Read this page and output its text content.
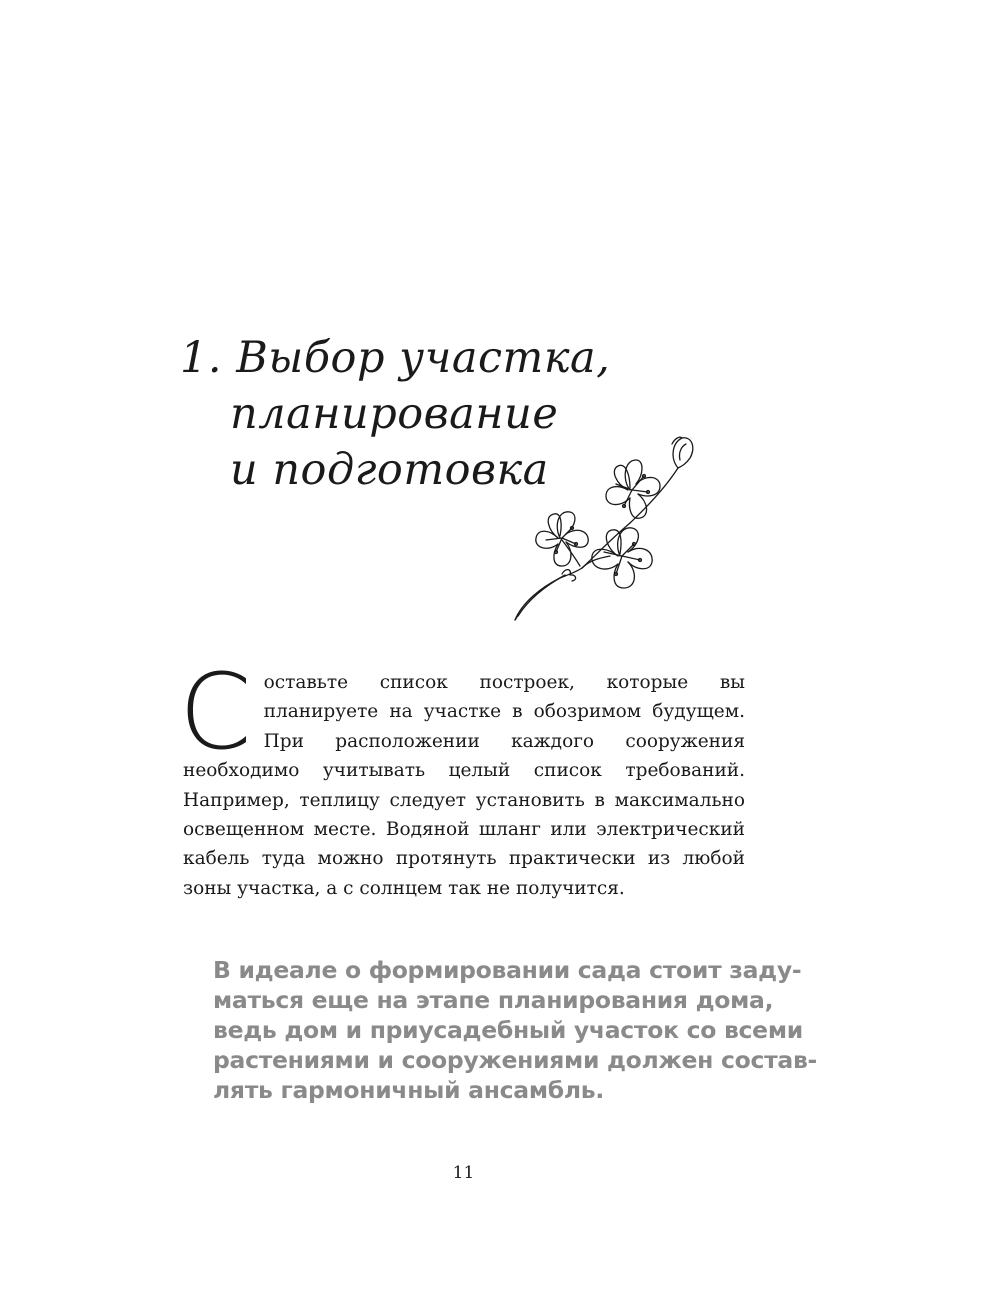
1. Выбор участка,
планирование
и подготовка

Составьте список построек, которые вы планируете на участке в обозримом будущем. При расположении каждого сооружения необходимо учитывать целый список требований. Например, теплицу следует установить в максимально освещенном месте. Водяной шланг или электрический кабель туда можно протянуть практически из любой зоны участка, а с солнцем так не получится.

В идеале о формировании сада стоит заду-
маться еще на этапе планирования дома,
ведь дом и приусадебный участок со всеми
растениями и сооружениями должен состав-
лять гармоничный ансамбль.
11
